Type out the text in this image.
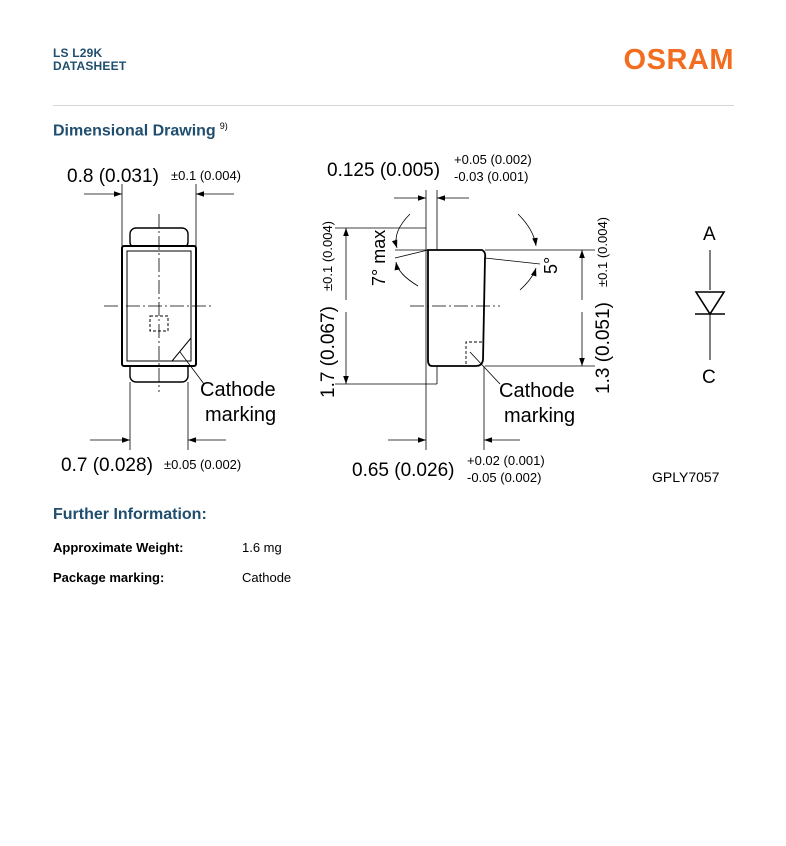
LS L29K
DATASHEET	OSRAM
Dimensional Drawing $^{9)}$
0.8 (0.031) ±0.1 (0.004)
Cathode
marking
0.7 (0.028) ±0.05 (0.002)
0.125 (0.005)
+0.05 (0.002)
-0.03 (0.001)
1.7 (0.067)
±0.1 (0.004) 7° max	5°
1.3 (0.051)
±0.1 (0.004)
Cathode
marking
0.65 (0.026) +0.02 (0.001)
-0.05 (0.002)
A
C
GPLY7057
Further Information:
Approximate Weight:	1.6 mg
Package marking:	Cathode
